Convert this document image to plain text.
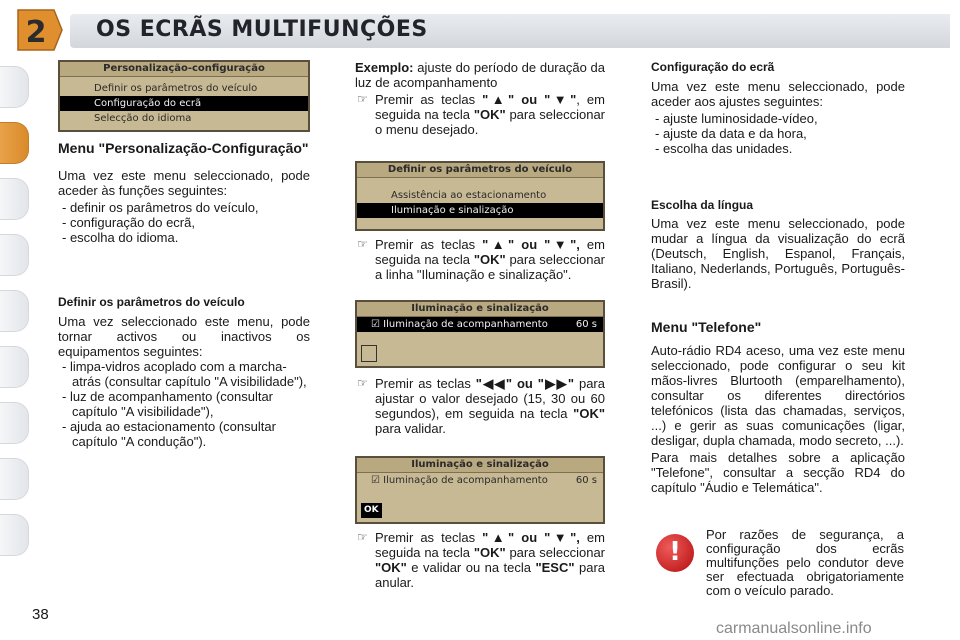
2 OS ECRÃS MULTIFUNÇÕES
Personalização-configuração
Definir os parâmetros do veículo
Configuração do ecrã
Selecção do idioma
Menu "Personalização-Configuração"

Uma vez este menu seleccionado, pode aceder às funções seguintes:

- definir os parâmetros do veículo,
- configuração do ecrã,
- escolha do idioma.
Definir os parâmetros do veículo

Uma vez seleccionado este menu, pode tornar activos ou inactivos os equipamentos seguintes:

- limpa-vidros acoplado com a marcha-atrás (consultar capítulo "A visibilidade"),
- luz de acompanhamento (consultar capítulo "A visibilidade"),
- ajuda ao estacionamento (consultar capítulo "A condução").

Exemplo: ajuste do período de duração da luz de acompanhamento

☞ Premir as teclas "▲" ou "▼", em seguida na tecla "OK" para seleccionar o menu desejado.
Definir os parâmetros do veículo
Assistência ao estacionamento
Iluminação e sinalização
☞ Premir as teclas "▲" ou "▼", em seguida na tecla "OK" para seleccionar a linha "Iluminação e sinalização".
Iluminação e sinalização
☑ Iluminação de acompanhamento	60 s

☞ Premir as teclas "◀◀" ou "▶▶" para ajustar o valor desejado (15, 30 ou 60 segundos), em seguida na tecla "OK" para validar.
Iluminação e sinalização
☑ Iluminação de acompanhamento	60 s
OK
☞ Premir as teclas "▲" ou "▼", em seguida na tecla "OK" para seleccionar "OK" e validar ou na tecla "ESC" para anular.
Configuração do ecrã

Uma vez este menu seleccionado, pode aceder aos ajustes seguintes:

- ajuste luminosidade-vídeo,
- ajuste da data e da hora,
- escolha das unidades.
Escolha da língua

Uma vez este menu seleccionado, pode mudar a língua da visualização do ecrã (Deutsch, English, Espanol, Français, Italiano, Nederlands, Português, Português-Brasil).

Menu "Telefone"

Auto-rádio RD4 aceso, uma vez este menu seleccionado, pode configurar o seu kit mãos-livres Blurtooth (emparelhamento), consultar os diferentes directórios telefónicos (lista das chamadas, serviços, ...) e gerir as suas comunicações (ligar, desligar, dupla chamada, modo secreto, ...).

Para mais detalhes sobre a aplicação "Telefone", consultar a secção RD4 do capítulo "Áudio e Telemática".

!
Por razões de segurança, a configuração dos ecrãs multifunções pelo condutor deve ser efectuada obrigatoriamente com o veículo parado.
38
carmanualsonline.info
